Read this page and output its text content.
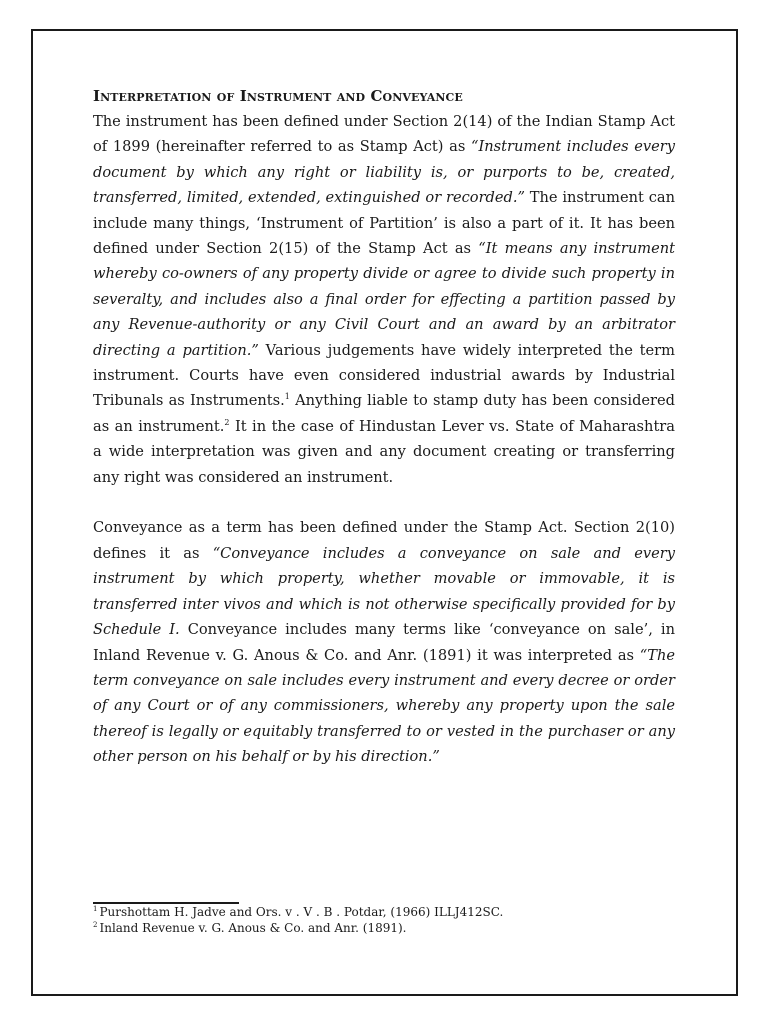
Interpretation of Instrument and Conveyance

The instrument has been defined under Section 2(14) of the Indian Stamp Act of 1899 (hereinafter referred to as Stamp Act) as “Instrument includes every document by which any right or liability is, or purports to be, created, transferred, limited, extended, extinguished or recorded.” The instrument can include many things, ‘Instrument of Partition’ is also a part of it. It has been defined under Section 2(15) of the Stamp Act as “It means any instrument whereby co-owners of any property divide or agree to divide such property in severalty, and includes also a final order for effecting a partition passed by any Revenue-authority or any Civil Court and an award by an arbitrator directing a partition.” Various judgements have widely interpreted the term instrument. Courts have even considered industrial awards by Industrial Tribunals as Instruments.$^1$ Anything liable to stamp duty has been considered as an instrument.$^2$ It in the case of Hindustan Lever vs. State of Maharashtra a wide interpretation was given and any document creating or transferring any right was considered an instrument.

Conveyance as a term has been defined under the Stamp Act. Section 2(10) defines it as “Conveyance includes a conveyance on sale and every instrument by which property, whether movable or immovable, it is transferred inter vivos and which is not otherwise specifically provided for by Schedule I. Conveyance includes many terms like ‘conveyance on sale’, in Inland Revenue v. G. Anous & Co. and Anr. (1891) it was interpreted as “The term conveyance on sale includes every instrument and every decree or order of any Court or of any commissioners, whereby any property upon the sale thereof is legally or equitably transferred to or vested in the purchaser or any other person on his behalf or by his direction.”

$^1$ Purshottam H. Jadve and Ors. v . V . B . Potdar, (1966) ILLJ412SC.
$^2$ Inland Revenue v. G. Anous & Co. and Anr. (1891).
